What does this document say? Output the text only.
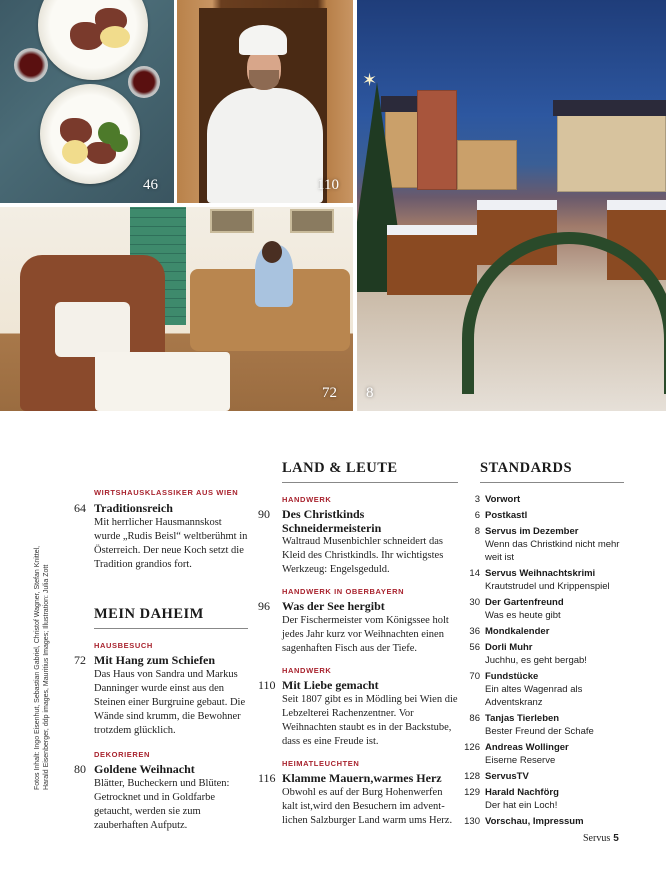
46	110
72
✶
8
Fotos Inhalt: Ingo Eisenhut, Sebastian Gabriel, Christof Wagner, Stefan Knittel, Harald Eisenberger, ddp images, Mauritius Images; Illustration: Julia Zott

WIRTSHAUSKLASSIKER AUS WIEN

64 Traditionsreich
Mit herrlicher Hausmannskost wurde „Rudis Beisl“ weltberühmt in Österreich. Der neue Koch setzt die Tradition grandios fort.
MEIN DAHEIM

HAUSBESUCH

72 Mit Hang zum Schiefen
Das Haus von Sandra und Markus Danninger wurde einst aus den Steinen einer Burgruine gebaut. Die Wände sind krumm, die Bewohner trotzdem glücklich.

DEKORIEREN

80 Goldene Weihnacht
Blätter, Bucheckern und Blüten: Getrocknet und in Goldfarbe getaucht, werden sie zum zauberhaften Aufputz.
LAND & LEUTE

HANDWERK

90	Des Christkinds Schneidermeisterin
Waltraud Musenbichler schneidert das Kleid des Christkindls. Ihr wichtigstes Werkzeug: Engelsgeduld.

HANDWERK IN OBERBAYERN

96	Was der See hergibt
Der Fischermeister vom Königssee holt jedes Jahr kurz vor Weihnachten einen sagenhaften Fisch aus der Tiefe.

HANDWERK

110 Mit Liebe gemacht
Seit 1807 gibt es in Mödling bei Wien die Lebzelterei Rachenzentner. Vor Weihnachten staubt es in der Backstube, dass es eine Freude ist.

HEIMATLEUCHTEN

116 Klamme Mauern,warmes Herz
Obwohl es auf der Burg Hohenwerfen kalt ist,wird den Besuchern im adventlichen Salzburger Land warm ums Herz.
STANDARDS
3 Vorwort
6 Postkastl
8 Servus im Dezember
Wenn das Christkind nicht mehr weit ist
14 Servus Weihnachtskrimi
Krautstrudel und Krippenspiel
30 Der Gartenfreund
Was es heute gibt
36 Mondkalender
56 Dorli Muhr
Juchhu, es geht bergab!
70 Fundstücke
Ein altes Wagenrad als Adventskranz
86 Tanjas Tierleben
Bester Freund der Schafe
126 Andreas Wollinger
Eiserne Reserve
128 ServusTV
129 Harald Nachförg
Der hat ein Loch!
130 Vorschau, Impressum
Servus 5
